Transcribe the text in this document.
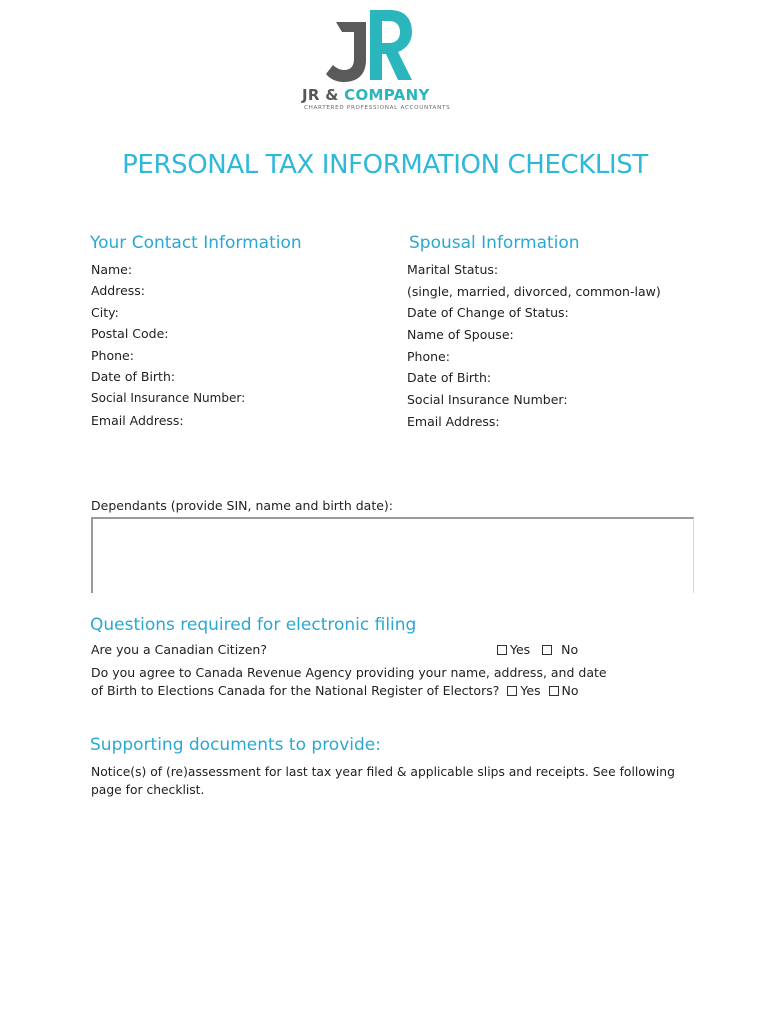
JR & COMPANY
CHARTERED PROFESSIONAL ACCOUNTANTS
PERSONAL TAX INFORMATION CHECKLIST
Your Contact Information
Name:
Address:
City:
Postal Code:
Phone:
Date of Birth:
Social Insurance Number:
Email Address:
Spousal Information
Marital Status:
(single, married, divorced, common-law)
Date of Change of Status:
Name of Spouse:
Phone:
Date of Birth:
Social Insurance Number:
Email Address:
Dependants (provide SIN, name and birth date):
Questions required for electronic filing
Are you a Canadian Citizen?	Yes No
Do you agree to Canada Revenue Agency providing your name, address, and date
of Birth to Elections Canada for the National Register of Electors? Yes No
Supporting documents to provide:
Notice(s) of (re)assessment for last tax year filed & applicable slips and receipts. See following
page for checklist.
